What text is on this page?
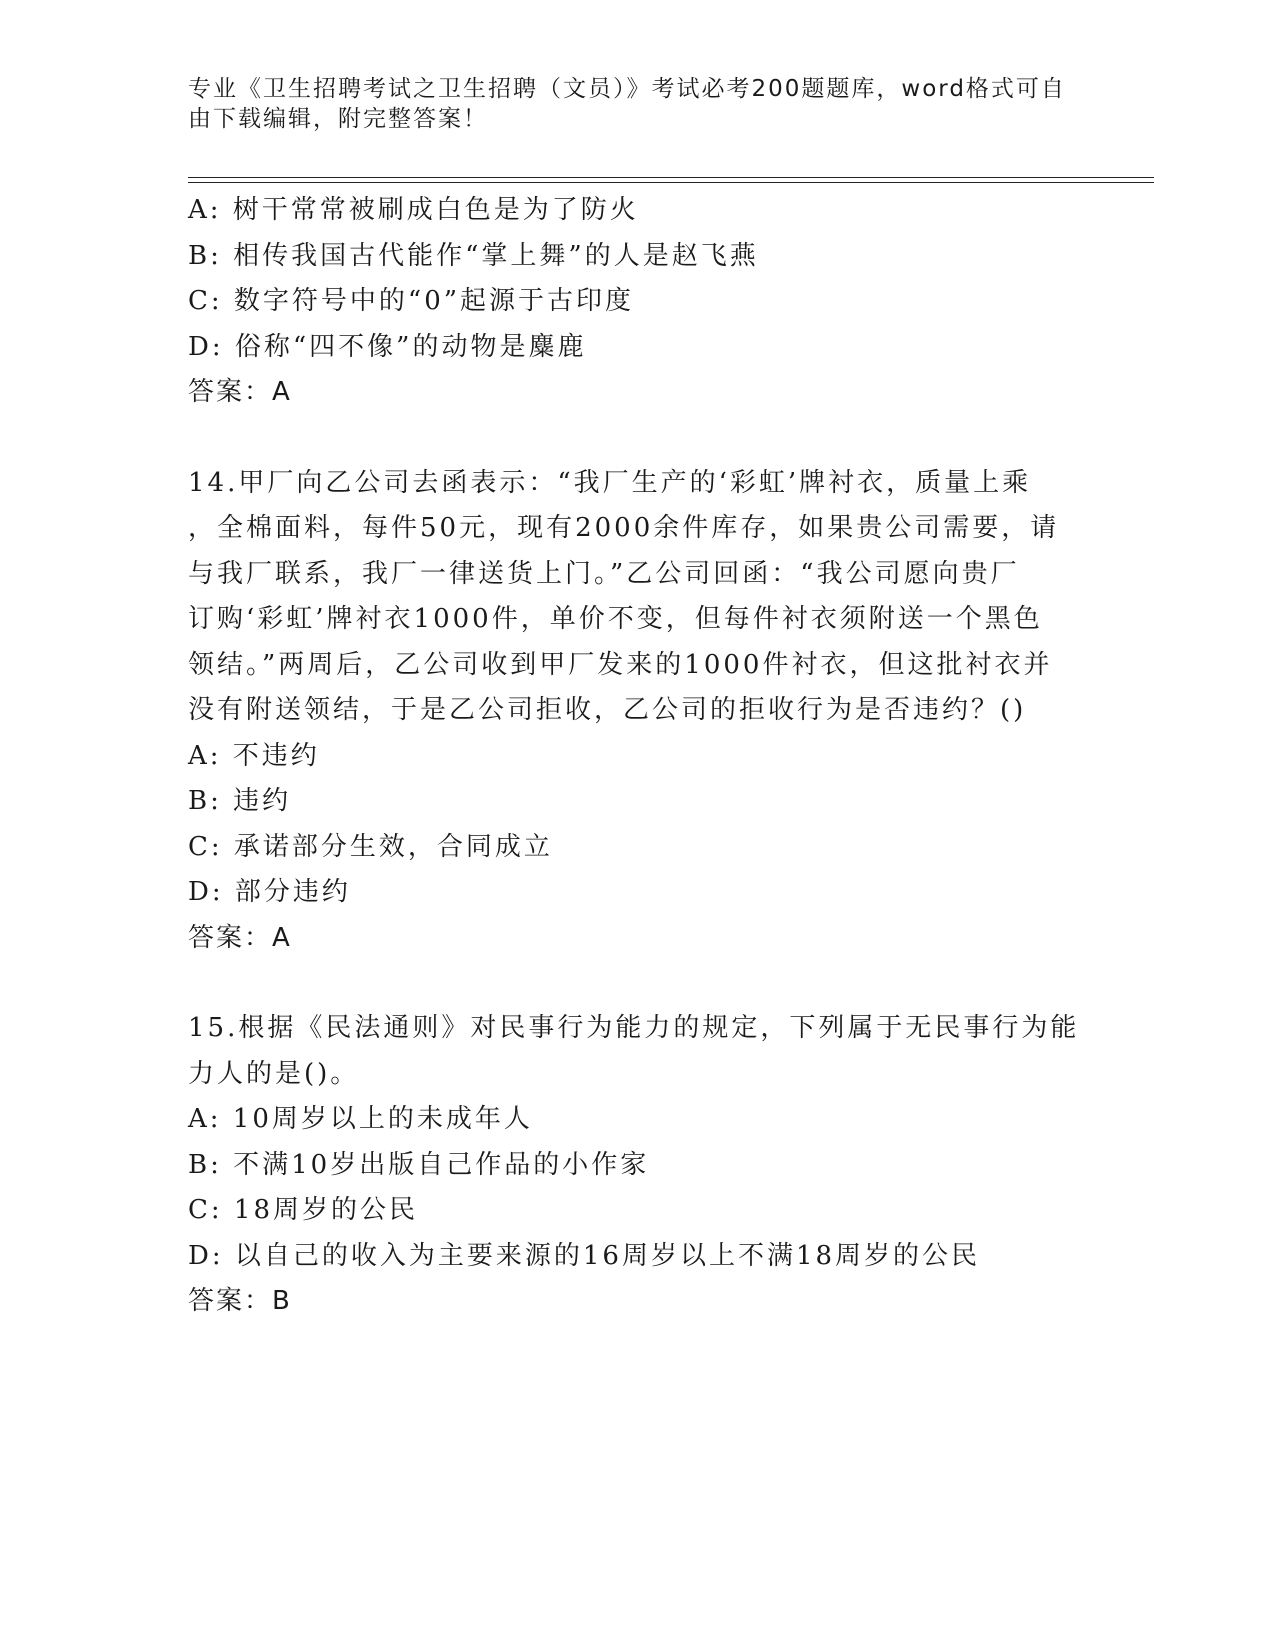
专业《卫生招聘考试之卫生招聘（文员）》考试必考200题题库，word格式可自
由下载编辑，附完整答案！
A: 树干常常被刷成白色是为了防火
B: 相传我国古代能作“掌上舞”的人是赵飞燕
C: 数字符号中的“0”起源于古印度
D: 俗称“四不像”的动物是麋鹿
答案：A
14.甲厂向乙公司去函表示：“我厂生产的‘彩虹’牌衬衣，质量上乘
，全棉面料，每件50元，现有2000余件库存，如果贵公司需要，请
与我厂联系，我厂一律送货上门。”乙公司回函：“我公司愿向贵厂
订购‘彩虹’牌衬衣1000件，单价不变，但每件衬衣须附送一个黑色
领结。”两周后，乙公司收到甲厂发来的1000件衬衣，但这批衬衣并
没有附送领结，于是乙公司拒收，乙公司的拒收行为是否违约？()
A: 不违约
B: 违约
C: 承诺部分生效，合同成立
D: 部分违约
答案：A
15.根据《民法通则》对民事行为能力的规定，下列属于无民事行为能
力人的是()。
A: 10周岁以上的未成年人
B: 不满10岁出版自己作品的小作家
C: 18周岁的公民
D: 以自己的收入为主要来源的16周岁以上不满18周岁的公民
答案：B
